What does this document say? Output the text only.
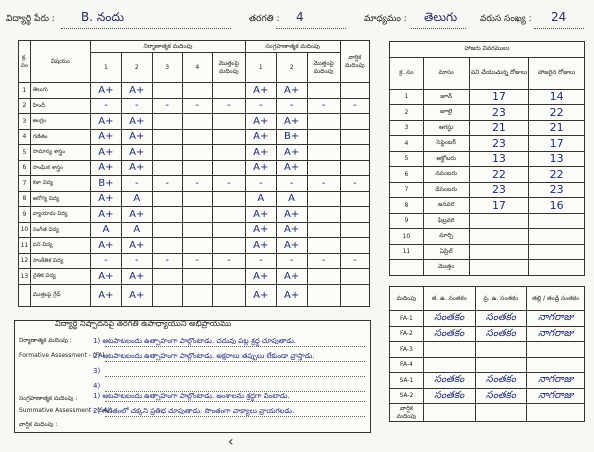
విద్యార్థి పేరు : B. నందు	తరగతి : 4	మాధ్యమం : తెలుగు	వరుస సంఖ్య : 24
క్ర. సం	విషయం	నిర్మాణాత్మక మదింపు					సంగ్రహణాత్మక మదింపు			వార్షిక మదింపు
		1	2	3	4	మొత్తంపై మదింపు	1	2	మొత్తంపై మదింపు	
1	తెలుగు	A+	A+				A+	A+		
2	హిందీ	-	-	-	-	-	-	-	-	-
3	ఆంగ్లం	A+	A+				A+	A+		
4	గణితం	A+	A+				A+	B+		
5	సామాన్య శాస్త్రం	A+	A+				A+	A+		
6	సాంఘిక శాస్త్రం	A+	A+				A+	A+		
7	కళా విద్య	B+	-	-	-	-	-	-	-	-
8	ఆరోగ్య విద్య	A+	A				A	A		
9	వ్యాయామ విద్య	A+	A+				A+	A+		
10	సంగీత విద్య	A	A				A+	A+		
11	పని విద్య	A+	A+				A+	A+		
12	సాంకేతిక విద్య	-	-	-	-	-	-	-	-	-
13	నైతిక విద్య	A+	A+				A+	A+		
	మొత్తంపై గ్రేడ్	A+	A+				A+	A+		
హాజరు వివరములు			
క్ర. సం	మాసం	పని చేయుచున్న రోజులు	హాజరైన రోజులు
1	జూన్	17	14
2	జూలై	23	22
3	ఆగస్టు	21	21
4	సెప్టెంబర్	23	17
5	అక్టోబరు	13	13
6	నవంబరు	22	22
7	డిసెంబరు	23	23
8	జనవరి	17	16
9	ఫిబ్రవరి		
10	మార్చి		
11	ఏప్రిల్		
	మొత్తం		
మదింపు	త. ఉ. సంతకం	ప్ర. ఉ. సంతకం	తల్లి / తండ్రి సంతకం
FA-1	సంతకం	సంతకం	నాగరాజు
FA-2	సంతకం	సంతకం	నాగరాజు
FA-3			
FA-4			
SA-1	సంతకం	సంతకం	నాగరాజు
SA-2	సంతకం	సంతకం	నాగరాజు
వార్షిక మదింపు			
విద్యార్థి నిష్పాదనపై తరగతి ఉపాధ్యాయుని అభిప్రాయము
నిర్మాణాత్మక మదింపు :
Formative Assessment - (FA)
1) ఆటపాటలందు ఉత్సాహంగా పాల్గొంటాడు. చదువు పట్ల శ్రద్ధ చూపుతాడు.
2) ఆటపాటలందు ఉత్సాహంగా పాల్గొంటాడు. అక్షరాలు తప్పులు లేకుండా వ్రాస్తాడు.
3)
4)
సంగ్రహణాత్మక మదింపు :
Summative Assessment - (SA)
1) ఆటపాటలందు ఉత్సాహంగా పాల్గొంటాడు. అంశాలను శ్రద్ధగా వింటాడు.
2) గణితంలో చక్కని ప్రతిభ చూపుతాడు. సొంతంగా వాక్యాలు వ్రాయగలడు.
వార్షిక మదింపు :
‹
